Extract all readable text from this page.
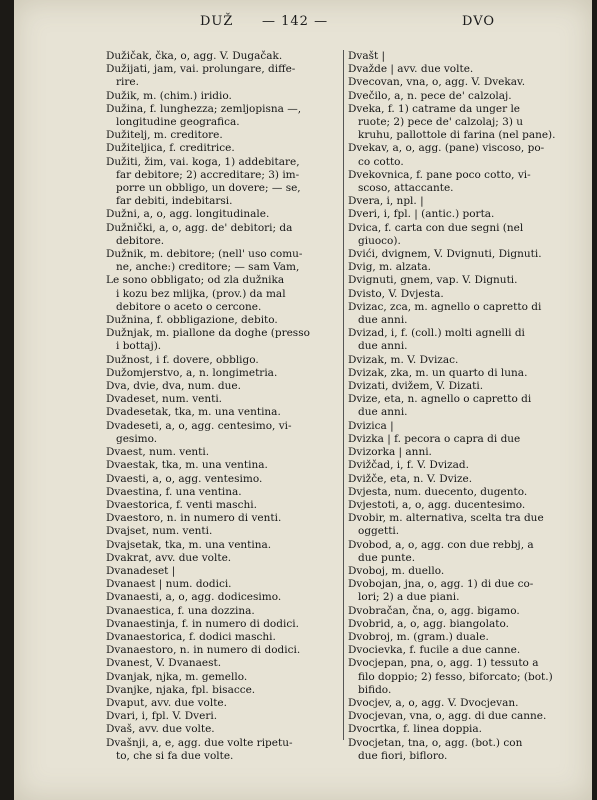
DUŽ — 142 —	DVO

Dužičak, čka, o, agg. V. Dugačak.

Dužijati, jam, vai. prolungare, diffe-

rire.

Dužik, m. (chim.) iridio.

Dužina, f. lunghezza; zemljopisna —,

longitudine geografica.

Dužitelj, m. creditore.

Dužiteljica, f. creditrice.

Dužiti, žim, vai. koga, 1) addebitare,

far debitore; 2) accreditare; 3) im-

porre un obbligo, un dovere; — se,

far debiti, indebitarsi.

Dužni, a, o, agg. longitudinale.

Dužnički, a, o, agg. de' debitori; da

debitore.

Dužnik, m. debitore; (nell' uso comu-

ne, anche:) creditore; — sam Vam,

Le sono obbligato; od zla dužnika

i kozu bez mlijka, (prov.) da mal

debitore o aceto o cercone.

Dužnina, f. obbligazione, debito.

Dužnjak, m. piallone da doghe (presso

i bottaj).

Dužnost, i f. dovere, obbligo.

Dužomjerstvo, a, n. longimetria.

Dva, dvie, dva, num. due.

Dvadeset, num. venti.

Dvadesetak, tka, m. una ventina.

Dvadeseti, a, o, agg. centesimo, vi-

gesimo.

Dvaest, num. venti.

Dvaestak, tka, m. una ventina.

Dvaesti, a, o, agg. ventesimo.

Dvaestina, f. una ventina.

Dvaestorica, f. venti maschi.

Dvaestoro, n. in numero di venti.

Dvajset, num. venti.

Dvajsetak, tka, m. una ventina.

Dvakrat, avv. due volte.

Dvanadeset |

Dvanaest | num. dodici.

Dvanaesti, a, o, agg. dodicesimo.

Dvanaestica, f. una dozzina.

Dvanaestinja, f. in numero di dodici.

Dvanaestorica, f. dodici maschi.

Dvanaestoro, n. in numero di dodici.

Dvanest, V. Dvanaest.

Dvanjak, njka, m. gemello.

Dvanjke, njaka, fpl. bisacce.

Dvaput, avv. due volte.

Dvari, i, fpl. V. Dveri.

Dvaš, avv. due volte.

Dvašnji, a, e, agg. due volte ripetu-

to, che si fa due volte.

Dvašt |

Dvažde | avv. due volte.

Dvecovan, vna, o, agg. V. Dvekav.

Dvečilo, a, n. pece de' calzolaj.

Dveka, f. 1) catrame da unger le

ruote; 2) pece de' calzolaj; 3) u

kruhu, pallottole di farina (nel pane).

Dvekav, a, o, agg. (pane) viscoso, po-

co cotto.

Dvekovnica, f. pane poco cotto, vi-

scoso, attaccante.

Dvera, i, npl. |

Dveri, i, fpl. | (antic.) porta.

Dvica, f. carta con due segni (nel

giuoco).

Dvići, dvignem, V. Dvignuti, Dignuti.

Dvig, m. alzata.

Dvignuti, gnem, vap. V. Dignuti.

Dvisto, V. Dvjesta.

Dvizac, zca, m. agnello o capretto di

due anni.

Dvizad, i, f. (coll.) molti agnelli di

due anni.

Dvizak, m. V. Dvizac.

Dvizak, zka, m. un quarto di luna.

Dvizati, dvižem, V. Dizati.

Dvize, eta, n. agnello o capretto di

due anni.

Dvizica |

Dvizka | f. pecora o capra di due

Dvizorka | anni.

Dvižčad, i, f. V. Dvizad.

Dvižče, eta, n. V. Dvize.

Dvjesta, num. duecento, dugento.

Dvjestoti, a, o, agg. ducentesimo.

Dvobir, m. alternativa, scelta tra due

oggetti.

Dvobod, a, o, agg. con due rebbj, a

due punte.

Dvoboj, m. duello.

Dvobojan, jna, o, agg. 1) di due co-

lori; 2) a due piani.

Dvobračan, čna, o, agg. bigamo.

Dvobrid, a, o, agg. biangolato.

Dvobroj, m. (gram.) duale.

Dvocievka, f. fucile a due canne.

Dvocjepan, pna, o, agg. 1) tessuto a

filo doppio; 2) fesso, biforcato; (bot.)

bifido.

Dvocjev, a, o, agg. V. Dvocjevan.

Dvocjevan, vna, o, agg. di due canne.

Dvocrtka, f. linea doppia.

Dvocjetan, tna, o, agg. (bot.) con

due fiori, bifloro.
